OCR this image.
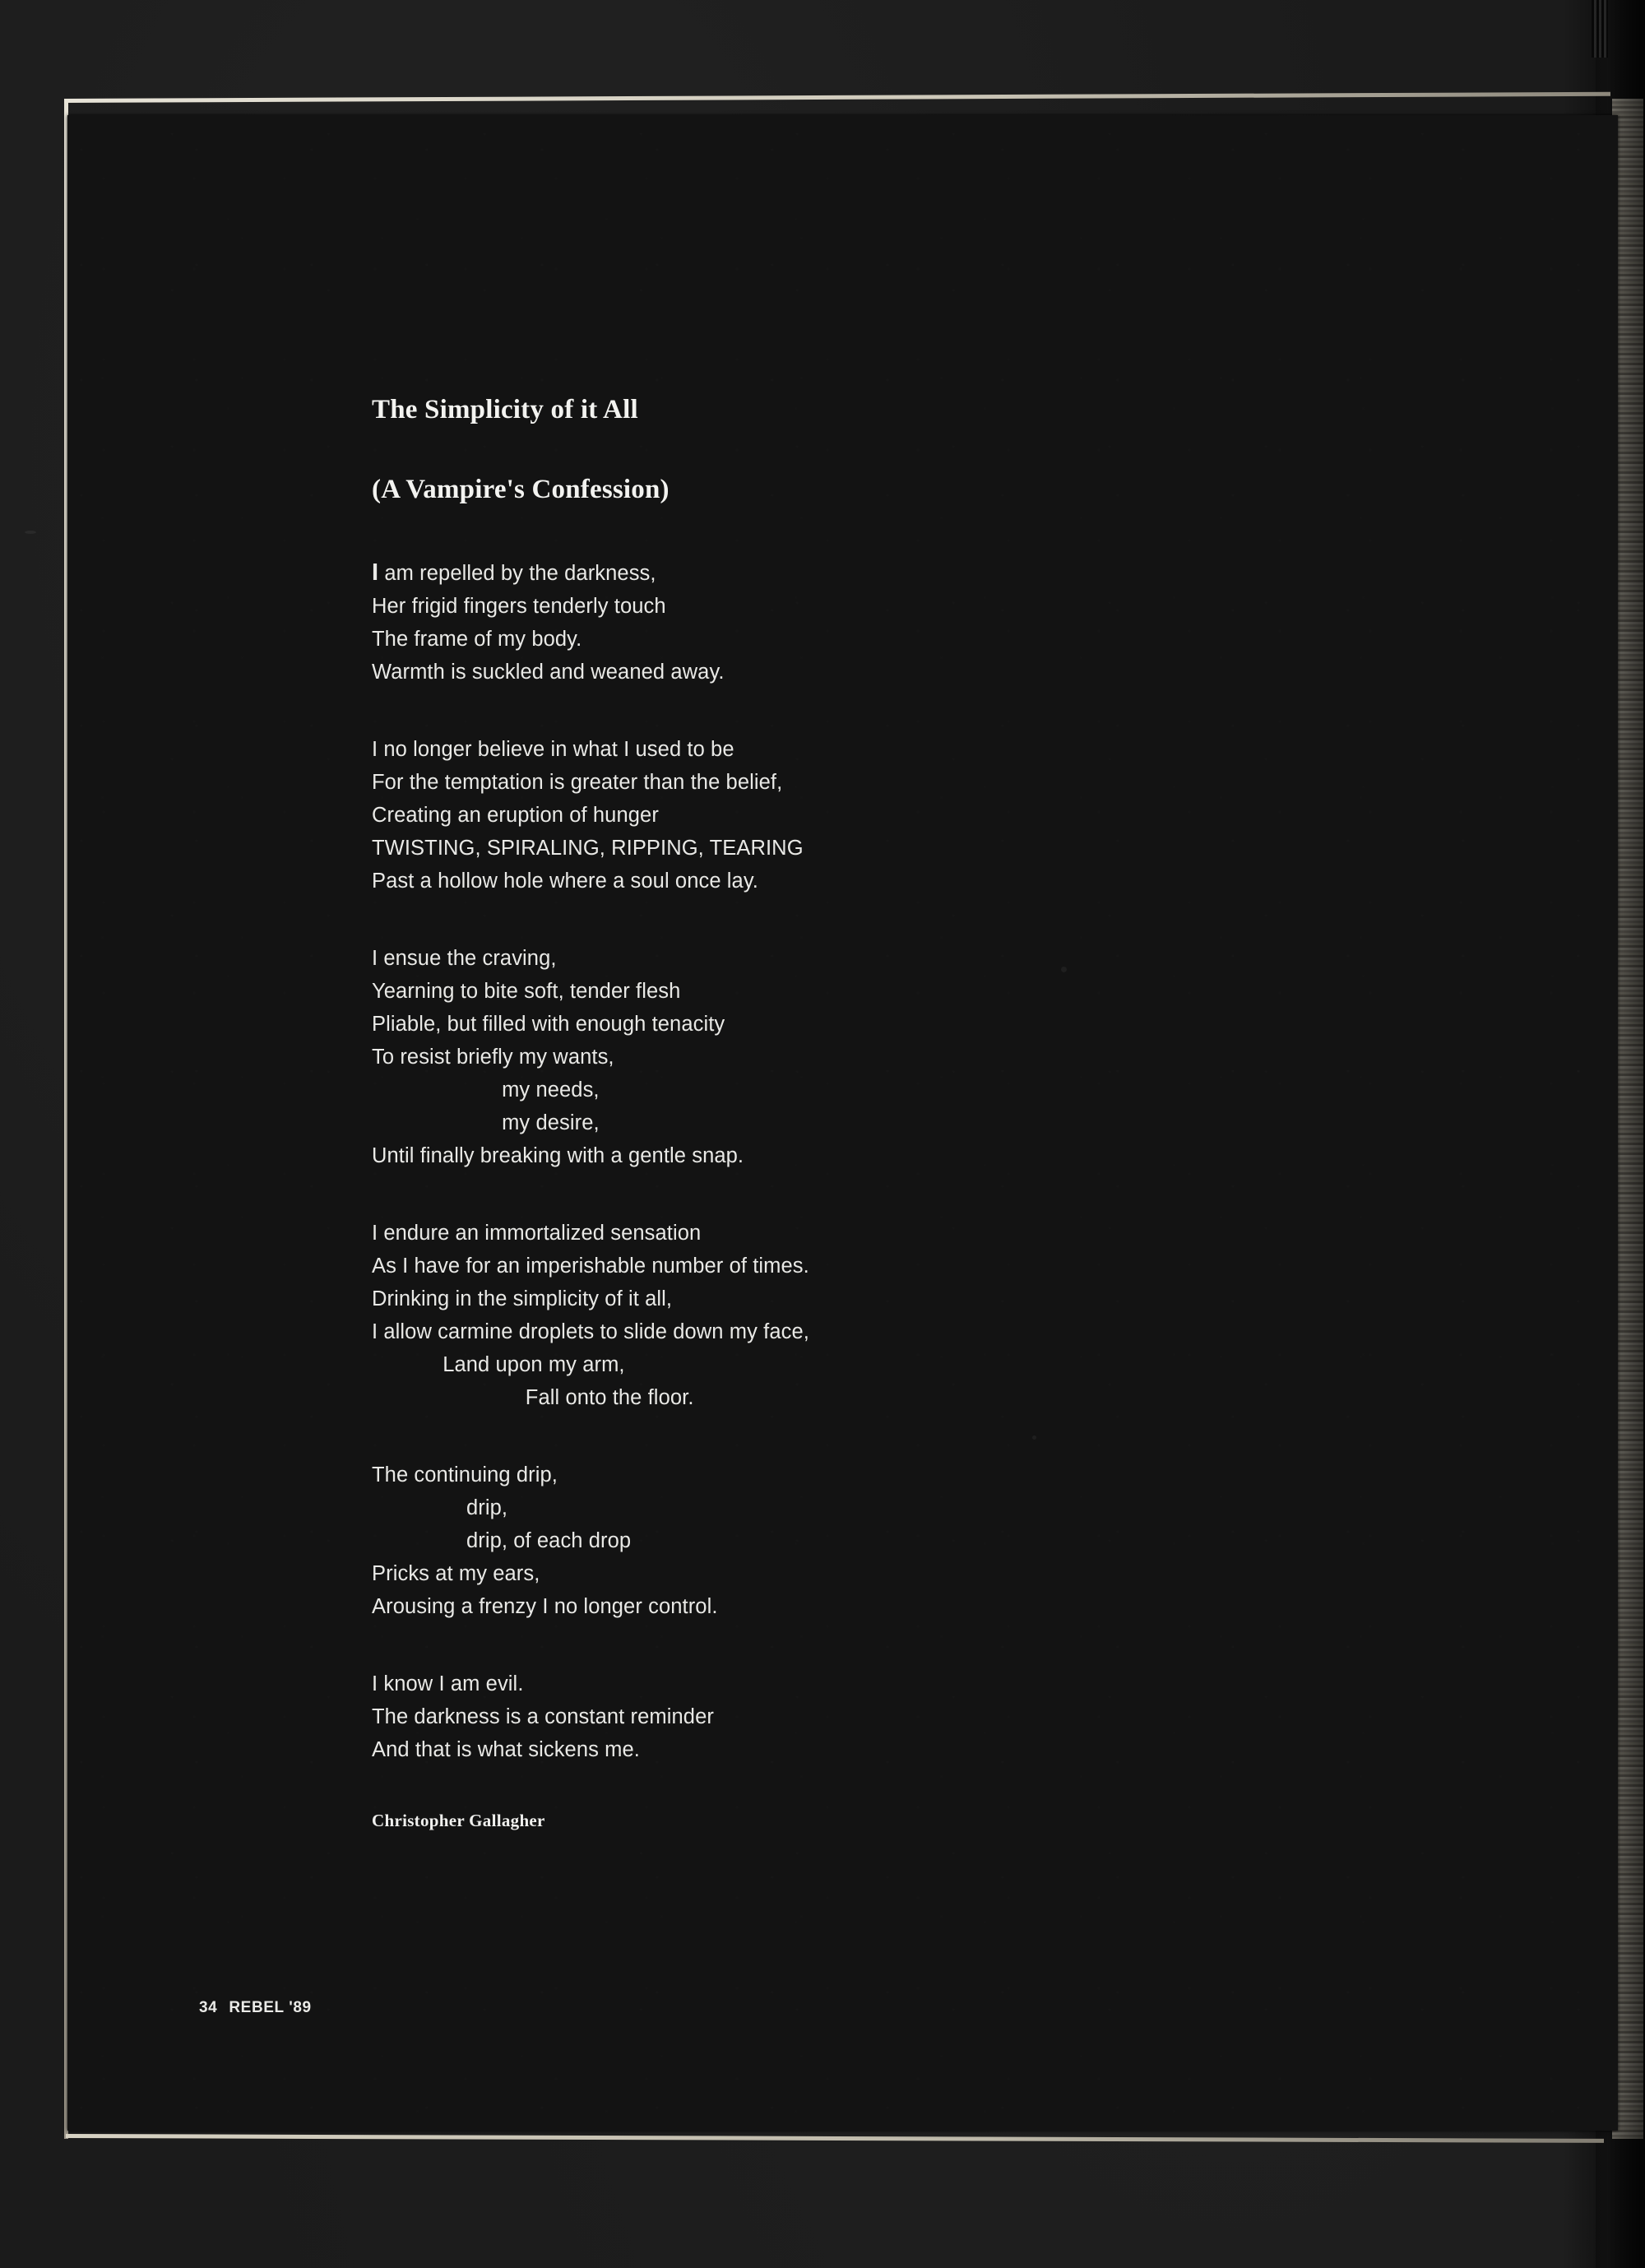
The Simplicity of it All
(A Vampire's Confession)
I am repelled by the darkness,
Her frigid fingers tenderly touch
The frame of my body.
Warmth is suckled and weaned away.
I no longer believe in what I used to be
For the temptation is greater than the belief,
Creating an eruption of hunger
TWISTING, SPIRALING, RIPPING, TEARING
Past a hollow hole where a soul once lay.
I ensue the craving,
Yearning to bite soft, tender flesh
Pliable, but filled with enough tenacity
To resist briefly my wants,
my needs,
my desire,
Until finally breaking with a gentle snap.
I endure an immortalized sensation
As I have for an imperishable number of times.
Drinking in the simplicity of it all,
I allow carmine droplets to slide down my face,
Land upon my arm,
Fall onto the floor.
The continuing drip,
drip,
drip, of each drop
Pricks at my ears,
Arousing a frenzy I no longer control.
I know I am evil.
The darkness is a constant reminder
And that is what sickens me.
Christopher Gallagher
34 REBEL '89
